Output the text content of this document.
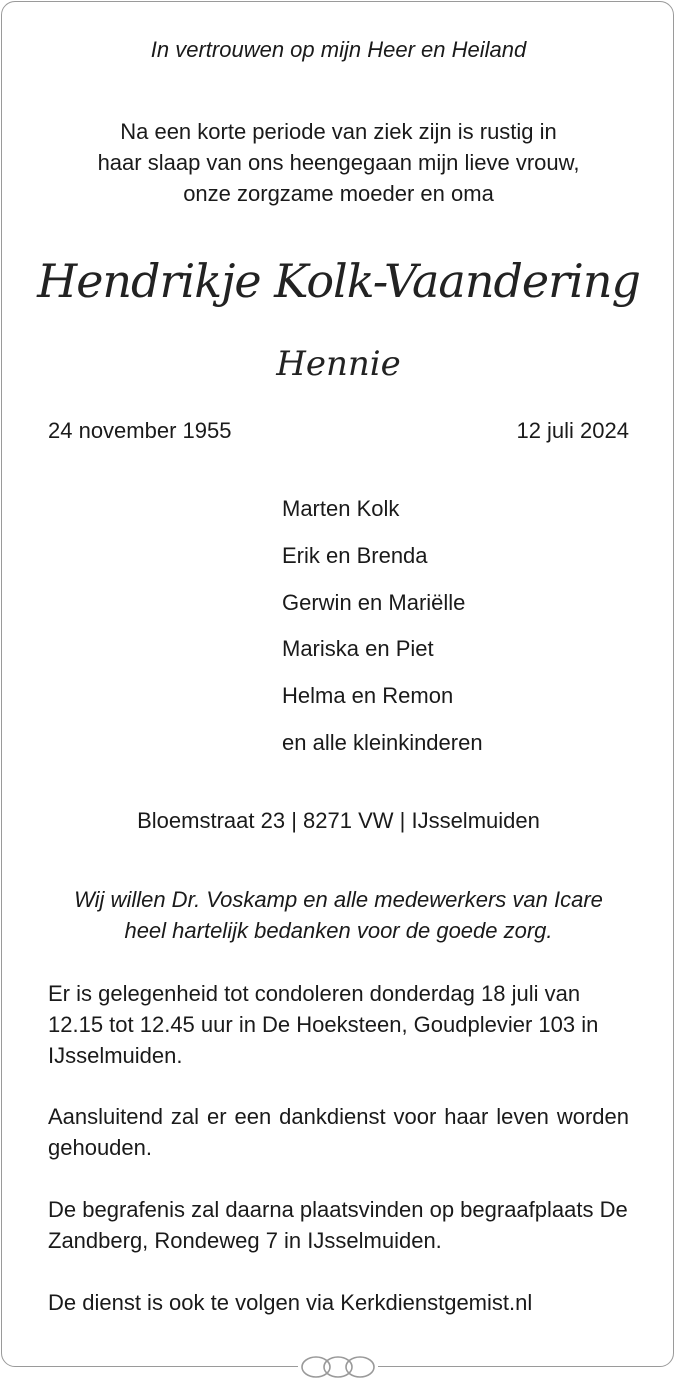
In vertrouwen op mijn Heer en Heiland
Na een korte periode van ziek zijn is rustig in
haar slaap van ons heengegaan mijn lieve vrouw,
onze zorgzame moeder en oma
Hendrikje Kolk-Vaandering
Hennie
24 november 1955	12 juli 2024
Marten Kolk
Erik en Brenda
Gerwin en Mariëlle
Mariska en Piet
Helma en Remon
en alle kleinkinderen
Bloemstraat 23 | 8271 VW | IJsselmuiden
Wij willen Dr. Voskamp en alle medewerkers van Icare
heel hartelijk bedanken voor de goede zorg.
Er is gelegenheid tot condoleren donderdag 18 juli van 12.15 tot 12.45 uur in De Hoeksteen, Goudplevier 103 in IJsselmuiden.
Aansluitend zal er een dankdienst voor haar leven worden gehouden.
De begrafenis zal daarna plaatsvinden op begraafplaats De Zandberg, Rondeweg 7 in IJsselmuiden.
De dienst is ook te volgen via Kerkdienstgemist.nl
